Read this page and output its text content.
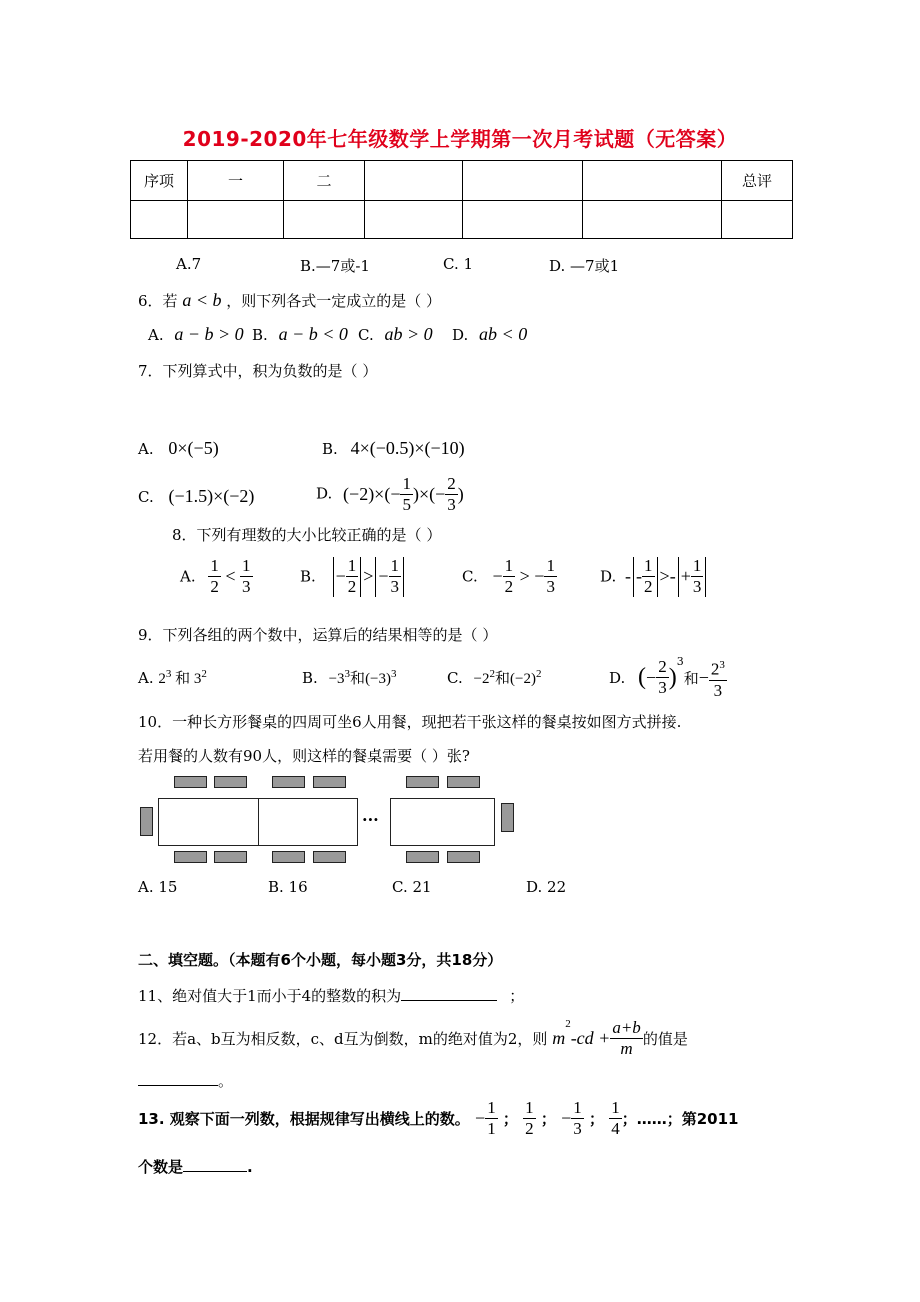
2019-2020年七年级数学上学期第一次月考试题（无答案）
序项	一	二				总评

A.7	B.—7或-1	C. 1	D. —7或1
6．若 a < b ，则下列各式一定成立的是（ ）
A. a − b > 0 B. a − b < 0 C. ab > 0 D. ab < 0
7．下列算式中，积为负数的是（ ）
A. 0×(−5)	B. 4×(−0.5)×(−10)
C. (−1.5)×(−2)	D. $(-2)\times(- \frac{1}{5}$ )×(− $\frac{2}{3}$ )
8．下列有理数的大小比较正确的是（ ）
A. $\frac{1}{2} < \frac{1}{3}$	B. − $\frac{1}{2}$ > − $\frac{1}{3}$	C. − $\frac{1}{2}$ > − $\frac{1}{3}$	D. - - $\frac{1}{2}$ >- + $\frac{1}{3}$
9．下列各组的两个数中，运算后的结果相等的是（ ）
A. $2^3$ 和 $3^2$	B. $-3^3$和$(-3)^3$	C. $-2^2$和$(-2)^2$	D. (− $\frac{2}{3} )^3$和− $\frac{2^3}{3}$
10．一种长方形餐桌的四周可坐6人用餐，现把若干张这样的餐桌按如图方式拼接.
若用餐的人数有90人，则这样的餐桌需要（ ）张?
···
A. 15	B. 16	C. 21	D. 22
二、填空题。（本题有6个小题，每小题3分，共18分）
11、绝对值大于1而小于4的整数的积为	；
12．若a、b互为相反数，c、d互为倒数，m的绝对值为2，则 $m^2-cd + \frac{a+b}{m}$ 的值是
。
13. 观察下面一列数，根据规律写出横线上的数。 − $\frac{1}{1}$ ； $\frac{1}{2}$ ； − $\frac{1}{3}$ ； $\frac{1}{4}$ ；……；第2011
个数是	.
